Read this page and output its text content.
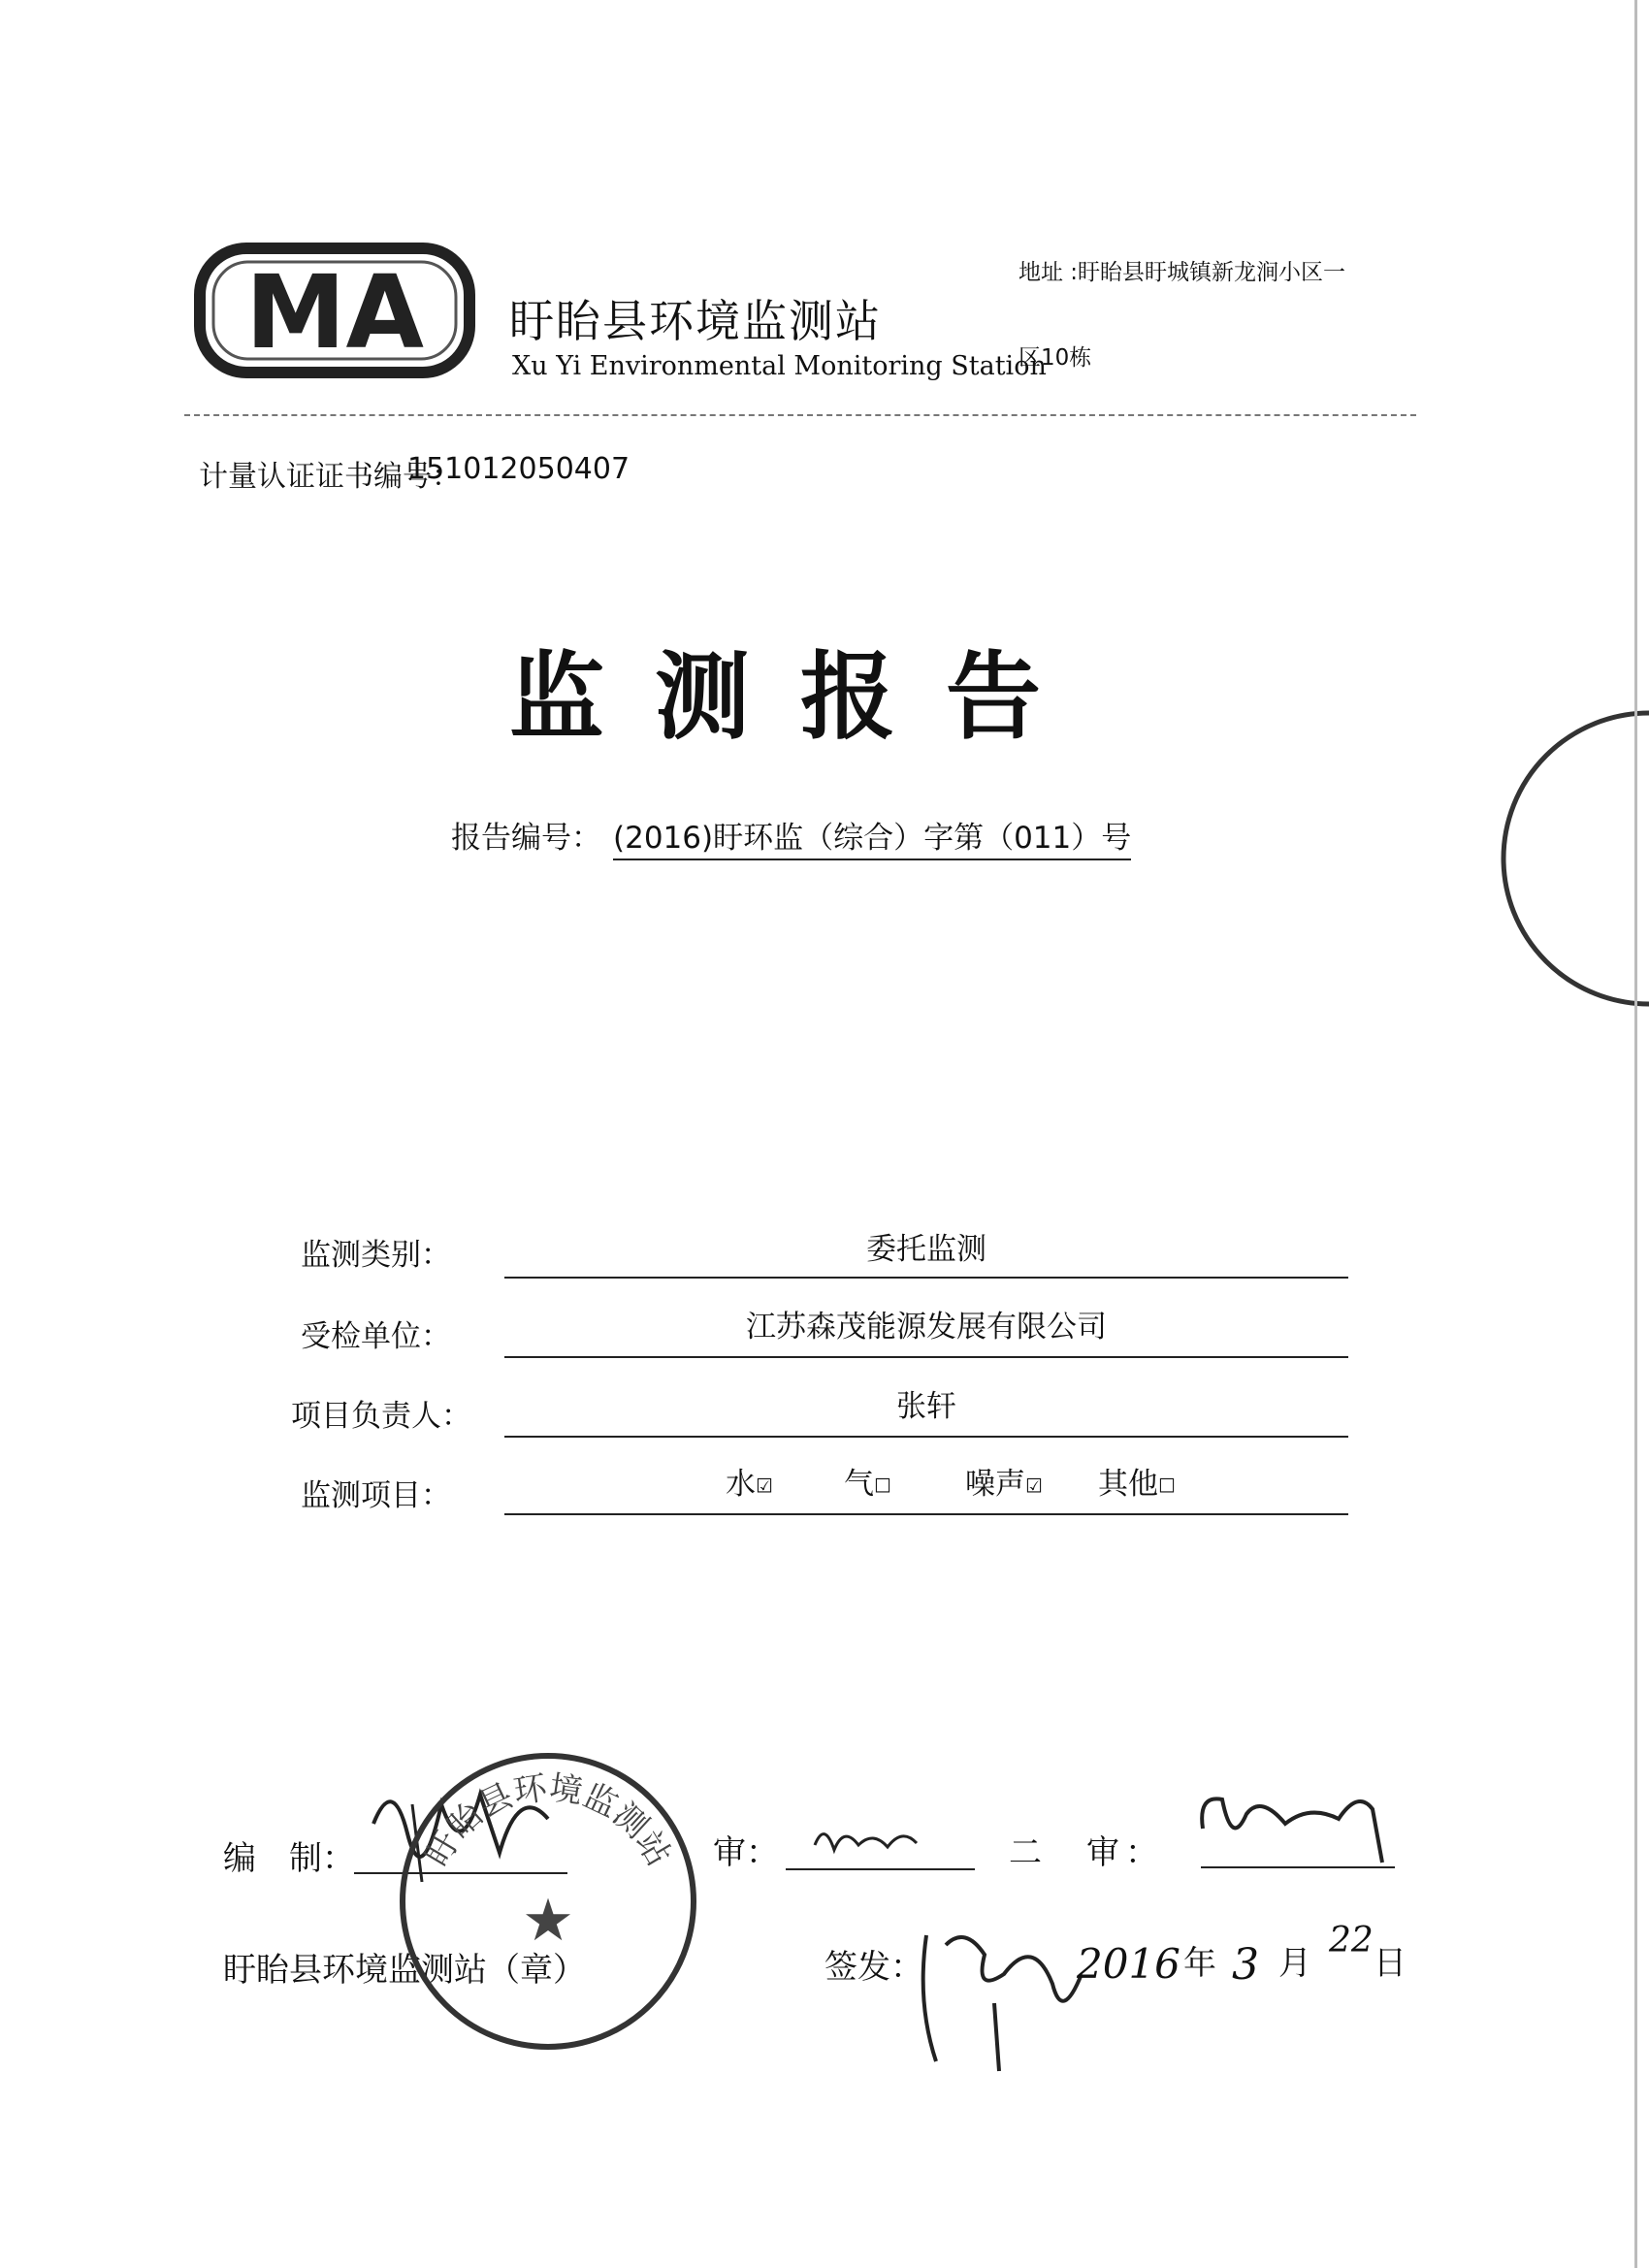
MA 盱眙县环境监测站
Xu Yi Environmental Monitoring Station
地址 :盱眙县盱城镇新龙涧小区一
区10栋
计量认证证书编号：
151012050407
监测报告
报告编号： (2016)盱环监（综合）字第（011）号
监测类别：	委托监测
受检单位：	江苏森茂能源发展有限公司
项目负责人：	张轩
监测项目：	水☑ 气☐ 噪声☑ 其他☐
编　制：	审：	二　审：
盱眙县环境监测站（章）
盱眙县环境监测站
★
签发：	2016 年 3 月
22
日
